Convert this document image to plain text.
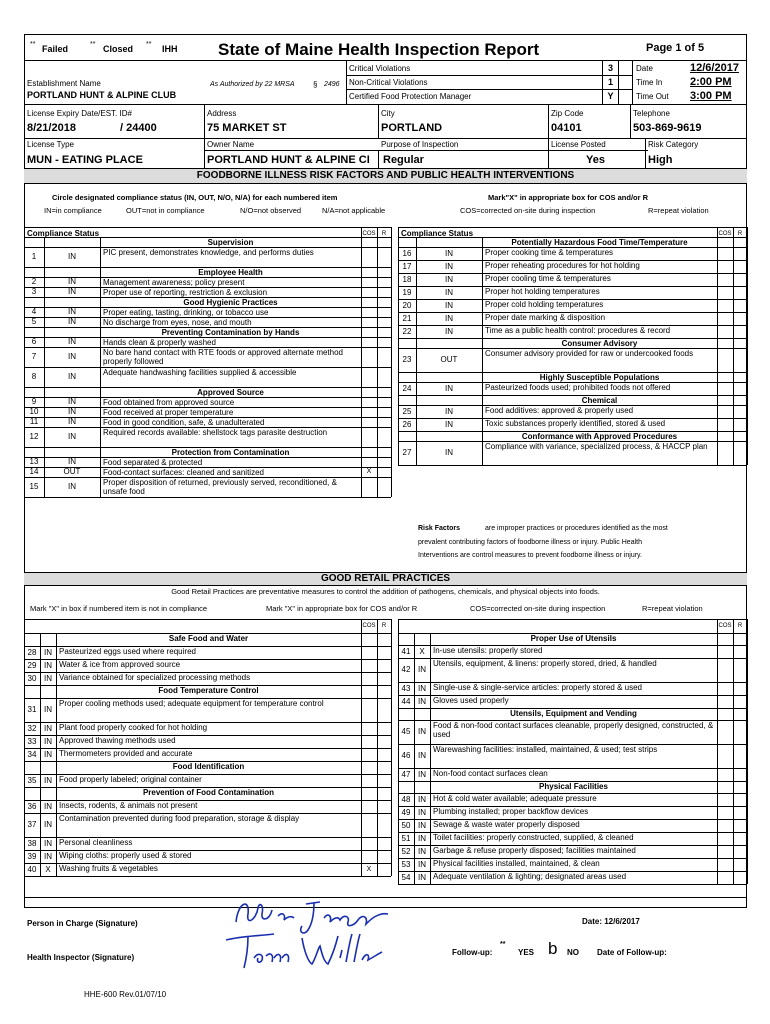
** Failed	** Closed ** IHH State of Maine Health Inspection Report	Page 1 of 5
Critical Violations	3
Non-Critical Violations	1
Certified Food Protection Manager	Y
Date	12/6/2017
Time In	2:00 PM
Time Out 3:00 PM
Establishment Name	As Authorized by 22 MRSA § 2496
PORTLAND HUNT & ALPINE CLUB
License Expiry Date/EST. ID#
8/21/2018	/ 24400
Address
75 MARKET ST
City
PORTLAND
Zip Code
04101
Telephone
503-869-9619
License Type
MUN - EATING PLACE
Owner Name
PORTLAND HUNT & ALPINE CI
Purpose of Inspection
Regular
License Posted
Yes
Risk Category
High
FOODBORNE ILLNESS RISK FACTORS AND PUBLIC HEALTH INTERVENTIONS
Circle designated compliance status (IN, OUT, N/O, N/A) for each numbered item	Mark"X" in appropriate box for COS and/or R
IN=in compliance	OUT=not in compliance	N/O=not observed	N/A=not applicable	COS=corrected on-site during inspection	R=repeat violation
Compliance Status	COS	R
Supervision
1	IN	PIC present, demonstrates knowledge, and performs duties
Employee Health
2	IN	Management awareness; policy present
3	IN	Proper use of reporting, restriction & exclusion
Good Hygienic Practices
4	IN	Proper eating, tasting, drinking, or tobacco use
5	IN	No discharge from eyes, nose, and mouth
Preventing Contamination by Hands
6	IN	Hands clean & properly washed
7	IN	No bare hand contact with RTE foods or approved alternate method properly followed
8	IN	Adequate handwashing facilities supplied & accessible
Approved Source
9	IN	Food obtained from approved source
10	IN	Food received at proper temperature
11	IN	Food in good condition, safe, & unadulterated
12	IN	Required records available: shellstock tags parasite destruction
Protection from Contamination
13	IN	Food separated & protected
14	OUT	Food-contact surfaces: cleaned and sanitized	X
15	IN	Proper disposition of returned, previously served, reconditioned, & unsafe food
Compliance Status	COS	R
Potentially Hazardous Food Time/Temperature
16	IN	Proper cooking time & temperatures
17	IN	Proper reheating procedures for hot holding
18	IN	Proper cooling time & temperatures
19	IN	Proper hot holding temperatures
20	IN	Proper cold holding temperatures
21	IN	Proper date marking & disposition
22	IN	Time as a public health control: procedures & record
Consumer Advisory
23	OUT
Consumer advisory provided for raw or undercooked foods
Highly Susceptible Populations
24	IN	Pasteurized foods used; prohibited foods not offered
Chemical
25	IN	Food additives: approved & properly used
26	IN	Toxic substances properly identified, stored & used
Conformance with Approved Procedures
27	IN
Compliance with variance, specialized process, & HACCP plan
Risk Factors	are improper practices or procedures identified as the most
prevalent contributing factors of foodborne illness or injury. Public Health
Interventions are control measures to prevent foodborne illness or injury.
GOOD RETAIL PRACTICES
Good Retail Practices are preventative measures to control the addition of pathogens, chemicals, and physical objects into foods.
Mark "X" in box if numbered item is not in compliance	Mark "X" in appropriate box for COS and/or R	COS=corrected on-site during inspection	R=repeat violation
COS	R
Safe Food and Water
28 IN Pasteurized eggs used where required
29 IN Water & ice from approved source
30 IN Variance obtained for specialized processing methods
Food Temperature Control
31 IN
Proper cooling methods used; adequate equipment for temperature control
32 IN Plant food properly cooked for hot holding
33 IN Approved thawing methods used
34 IN Thermometers provided and accurate
Food Identification
35 IN Food properly labeled; original container
Prevention of Food Contamination
36 IN Insects, rodents, & animals not present
37 IN
Contamination prevented during food preparation, storage & display
38 IN Personal cleanliness
39 IN Wiping cloths: properly used & stored
40	X	Washing fruits & vegetables	X
COS	R
Proper Use of Utensils
41	X	In-use utensils: properly stored
42 IN
Utensils, equipment, & linens: properly stored, dried, & handled
43 IN Single-use & single-service articles: properly stored & used
44 IN Gloves used properly
Utensils, Equipment and Vending
45 IN
Food & non-food contact surfaces cleanable, properly designed, constructed, & used
46 IN
Warewashing facilities: installed, maintained, & used; test strips
47 IN Non-food contact surfaces clean
Physical Facilities
48 IN Hot & cold water available; adequate pressure
49 IN Plumbing installed; proper backflow devices
50 IN Sewage & waste water properly disposed
51 IN Toilet facilities: properly constructed, supplied, & cleaned
52 IN Garbage & refuse properly disposed; facilities maintained
53 IN Physical facilities installed, maintained, & clean
54 IN Adequate ventilation & lighting; designated areas used
Person in Charge (Signature)	Date: 12/6/2017
Health Inspector (Signature)
Follow-up:
**
YES b NO Date of Follow-up:
HHE-600 Rev.01/07/10
